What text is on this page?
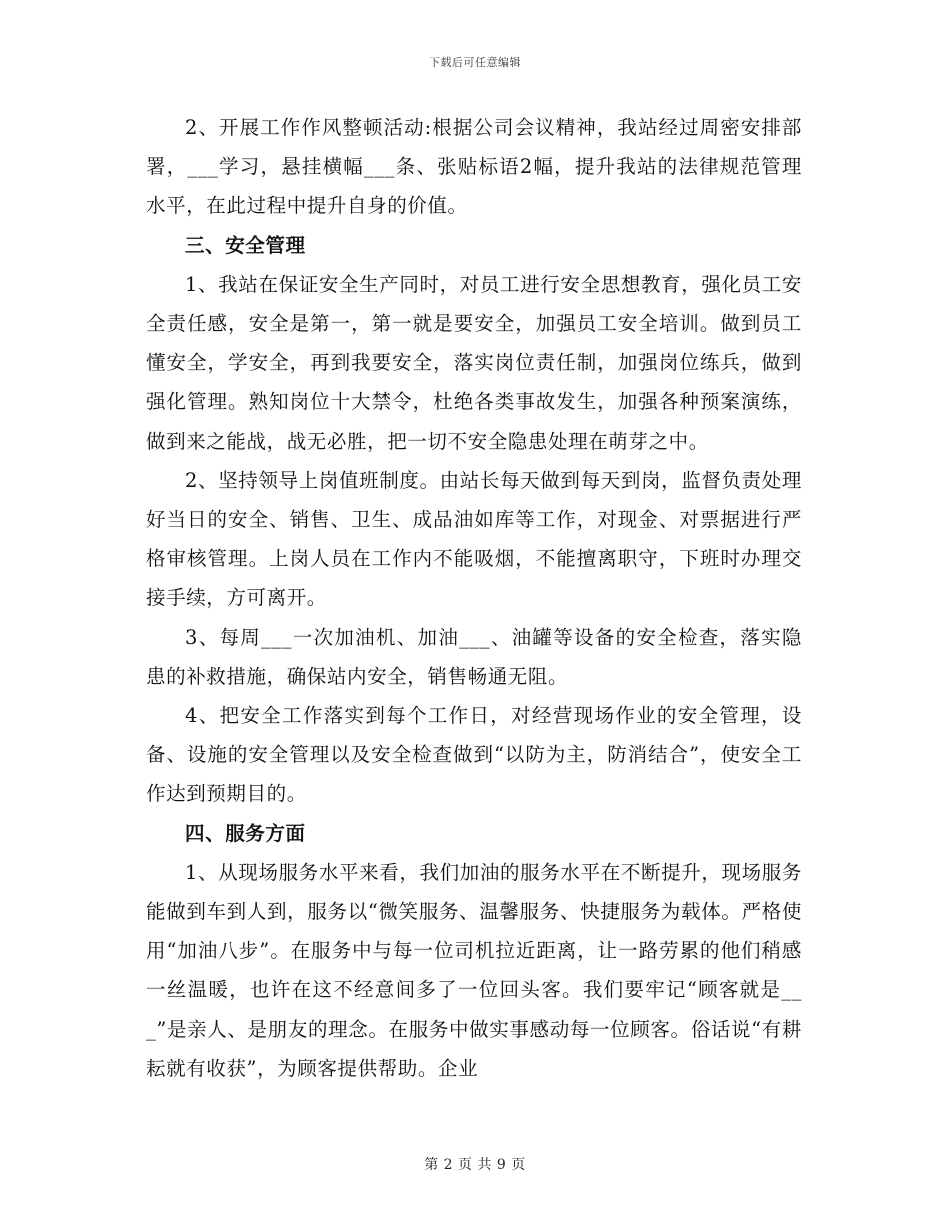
下载后可任意编辑

2、开展工作作风整顿活动:根据公司会议精神，我站经过周密安排部署，___学习，悬挂横幅___条、张贴标语2幅，提升我站的法律规范管理水平，在此过程中提升自身的价值。

三、安全管理

1、我站在保证安全生产同时，对员工进行安全思想教育，强化员工安全责任感，安全是第一，第一就是要安全，加强员工安全培训。做到员工懂安全，学安全，再到我要安全，落实岗位责任制，加强岗位练兵，做到强化管理。熟知岗位十大禁令，杜绝各类事故发生，加强各种预案演练，做到来之能战，战无必胜，把一切不安全隐患处理在萌芽之中。

2、坚持领导上岗值班制度。由站长每天做到每天到岗，监督负责处理好当日的安全、销售、卫生、成品油如库等工作，对现金、对票据进行严格审核管理。上岗人员在工作内不能吸烟，不能擅离职守，下班时办理交接手续，方可离开。

3、每周___一次加油机、加油___、油罐等设备的安全检查，落实隐患的补救措施，确保站内安全，销售畅通无阻。

4、把安全工作落实到每个工作日，对经营现场作业的安全管理，设备、设施的安全管理以及安全检查做到“以防为主，防消结合”，使安全工作达到预期目的。

四、服务方面

1、从现场服务水平来看，我们加油的服务水平在不断提升，现场服务能做到车到人到，服务以“微笑服务、温馨服务、快捷服务为载体。严格使用“加油八步”。在服务中与每一位司机拉近距离，让一路劳累的他们稍感一丝温暖，也许在这不经意间多了一位回头客。我们要牢记“顾客就是___”是亲人、是朋友的理念。在服务中做实事感动每一位顾客。俗话说“有耕耘就有收获”，为顾客提供帮助。企业

第 2 页 共 9 页
